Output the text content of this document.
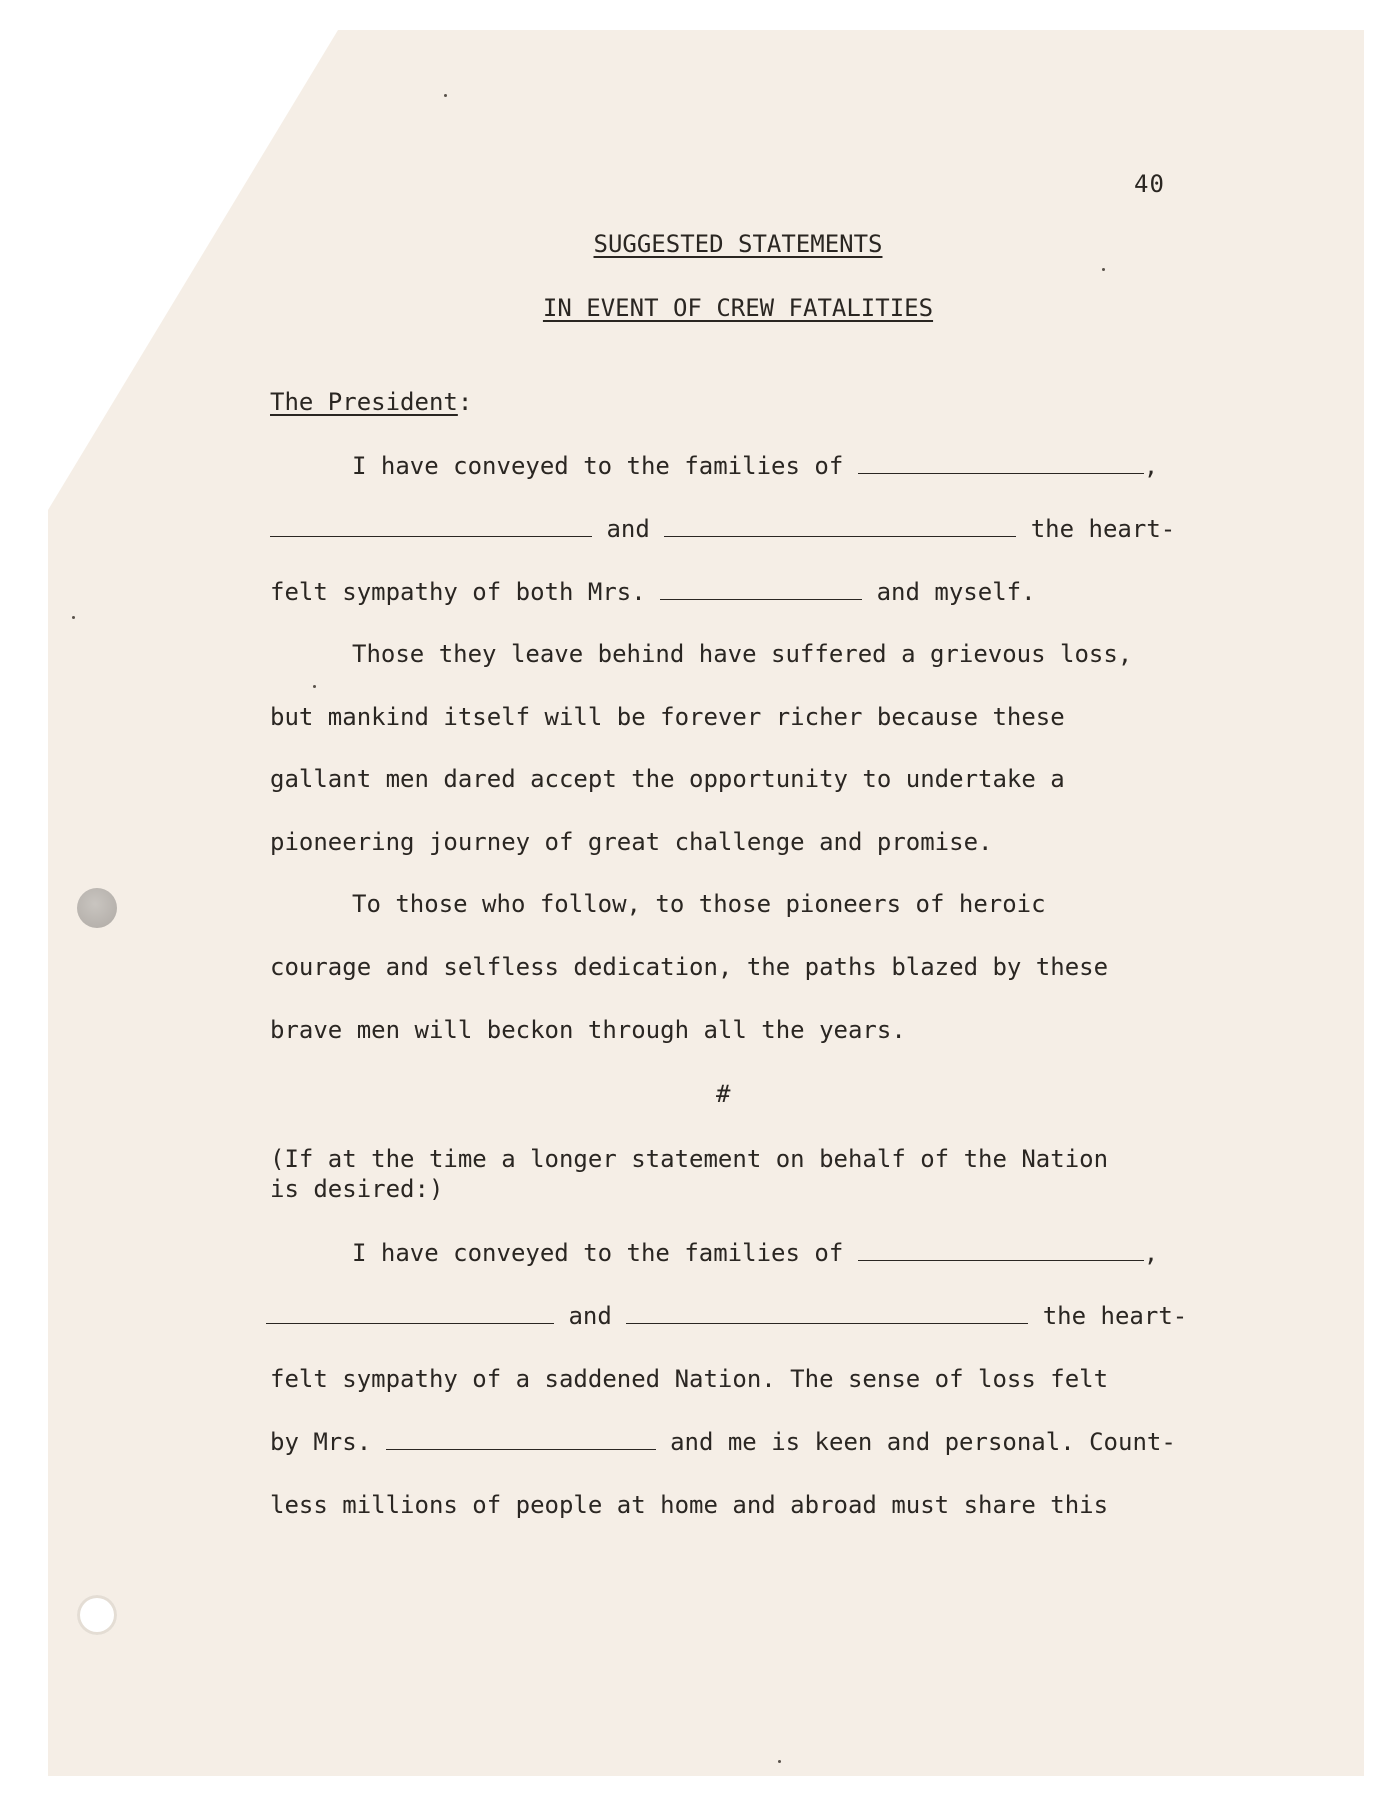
40
SUGGESTED STATEMENTS
IN EVENT OF CREW FATALITIES
The President:
I have conveyed to the families of	,
and	the heart-
felt sympathy of both Mrs.	and myself.
Those they leave behind have suffered a grievous loss,
but mankind itself will be forever richer because these
gallant men dared accept the opportunity to undertake a
pioneering journey of great challenge and promise.
To those who follow, to those pioneers of heroic
courage and selfless dedication, the paths blazed by these
brave men will beckon through all the years.
#
(If at the time a longer statement on behalf of the Nation
is desired:)
I have conveyed to the families of	,
and	the heart-
felt sympathy of a saddened Nation. The sense of loss felt
by Mrs.	and me is keen and personal. Count-
less millions of people at home and abroad must share this
